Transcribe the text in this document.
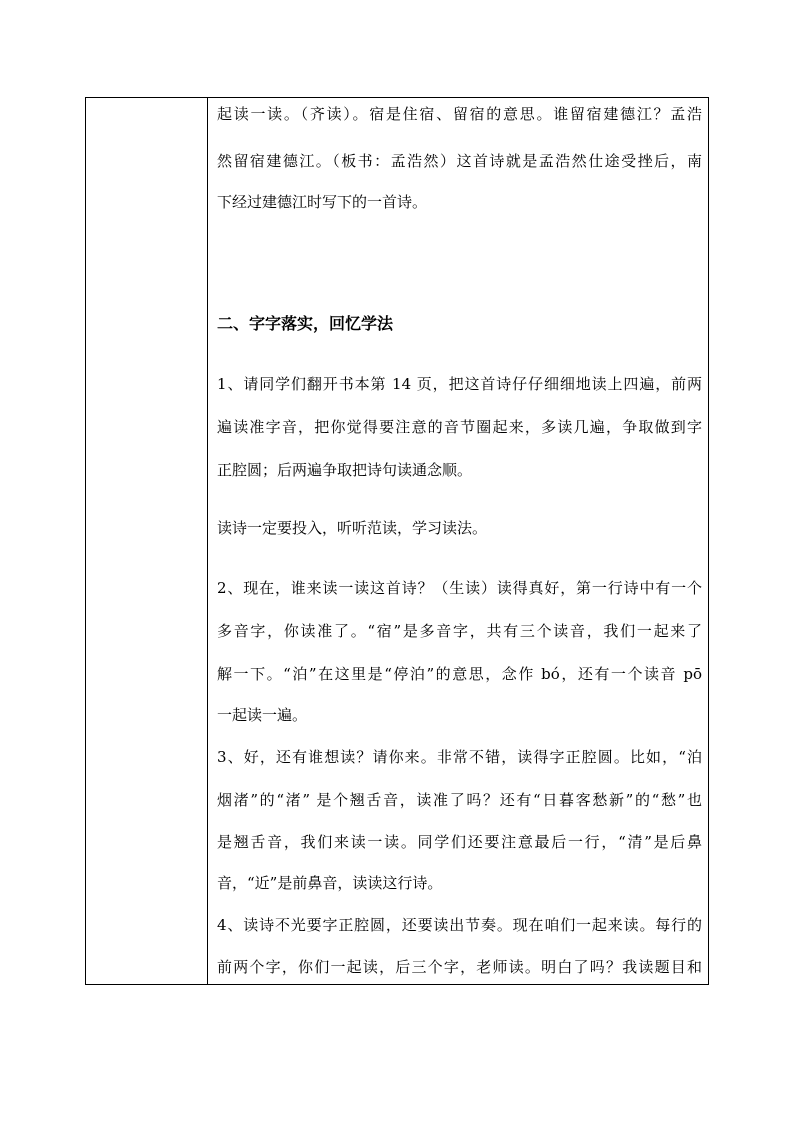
起读一读。（齐读）。宿是住宿、留宿的意思。谁留宿建德江？孟浩
然留宿建德江。（板书：孟浩然）这首诗就是孟浩然仕途受挫后，南
下经过建德江时写下的一首诗。
二、字字落实，回忆学法
1、请同学们翻开书本第 14 页，把这首诗仔仔细细地读上四遍，前两
遍读准字音，把你觉得要注意的音节圈起来，多读几遍，争取做到字
正腔圆；后两遍争取把诗句读通念顺。
读诗一定要投入，听听范读，学习读法。
2、现在，谁来读一读这首诗？（生读）读得真好，第一行诗中有一个
多音字，你读准了。“宿”是多音字，共有三个读音，我们一起来了
解一下。“泊”在这里是“停泊”的意思，念作 bó，还有一个读音 pō
一起读一遍。
3、好，还有谁想读？请你来。非常不错，读得字正腔圆。比如，“泊
烟渚”的“渚” 是个翘舌音，读准了吗？还有“日暮客愁新”的“愁”也
是翘舌音，我们来读一读。同学们还要注意最后一行，“清”是后鼻
音，“近”是前鼻音，读读这行诗。
4、读诗不光要字正腔圆，还要读出节奏。现在咱们一起来读。每行的
前两个字，你们一起读，后三个字，老师读。明白了吗？我读题目和
